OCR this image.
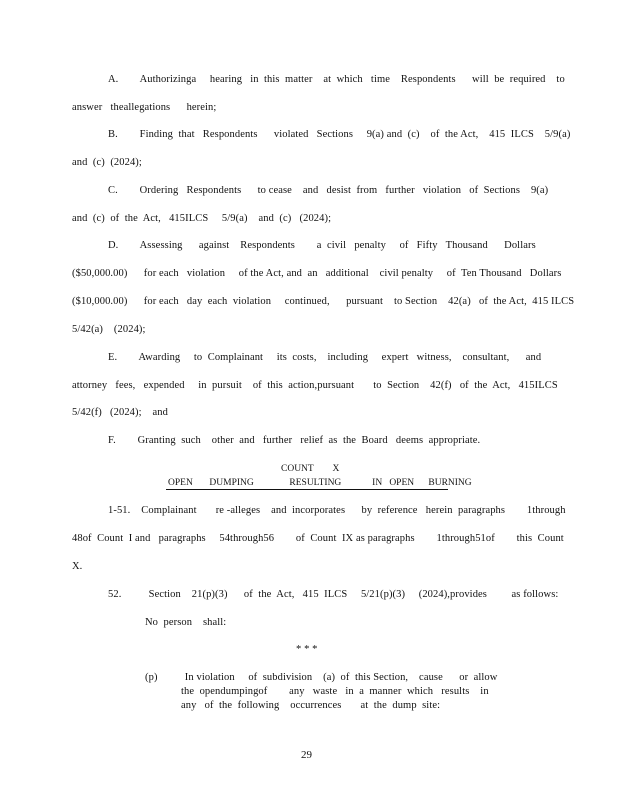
A.        Authorizinga     hearing   in  this  matter    at  which   time    Respondents      will  be  required    to
answer   theallegations      herein;
B.        Finding  that   Respondents      violated   Sections     9(a) and  (c)    of  the Act,    415  ILCS    5/9(a)
and  (c)  (2024);
C.        Ordering   Respondents      to cease    and   desist  from   further   violation   of  Sections    9(a)
and  (c)  of  the  Act,   415ILCS     5/9(a)    and  (c)   (2024);
D.        Assessing      against    Respondents        a  civil   penalty     of   Fifty   Thousand      Dollars
($50,000.00)      for each   violation     of the Act, and  an   additional    civil penalty     of  Ten Thousand   Dollars
($10,000.00)      for each   day  each  violation     continued,      pursuant    to Section    42(a)   of  the Act,  415 ILCS
5/42(a)    (2024);
E.        Awarding     to  Complainant     its  costs,    including     expert   witness,    consultant,      and
attorney   fees,   expended     in  pursuit    of  this  action,pursuant       to  Section    42(f)   of  the  Act,   415ILCS
5/42(f)   (2024);    and
F.        Granting  such    other  and   further   relief  as  the  Board   deems  appropriate.
COUNT        X
OPEN       DUMPING               RESULTING             IN   OPEN      BURNING
1-51.    Complainant       re -alleges    and  incorporates      by  reference   herein  paragraphs        1through
48of  Count  I and   paragraphs     54through56        of  Count  IX as paragraphs        1through51of        this  Count
X.
52.          Section    21(p)(3)      of  the  Act,   415  ILCS     5/21(p)(3)     (2024),provides         as follows:
No  person    shall:
* * *
(p)          In violation     of  subdivision    (a)  of  this Section,    cause      or  allow
the  opendumpingof        any   waste   in  a  manner  which   results    in
any   of  the  following    occurrences       at  the  dump  site:
29
